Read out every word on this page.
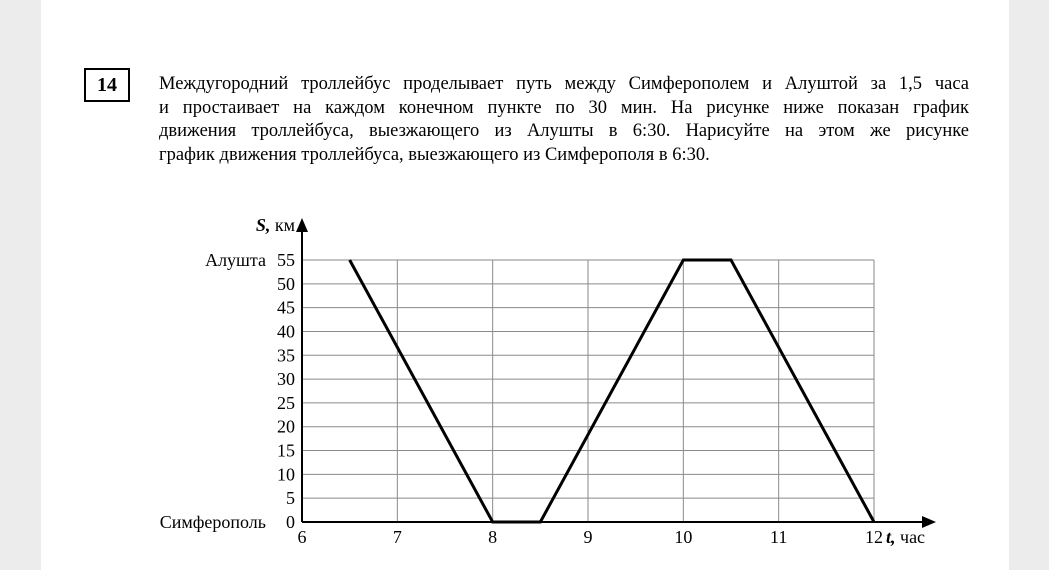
14	Междугородний троллейбус проделывает путь между Симферополем и Алуштой за 1,5 часа
и простаивает на каждом конечном пункте по 30 мин. На рисунке ниже показан график
движения троллейбуса, выезжающего из Алушты в 6:30. Нарисуйте на этом же рисунке
график движения троллейбуса, выезжающего из Симферополя в 6:30.
0
5
10
15
20
25
30
35
40
45
50
55
Алушта
Симферополь
6	7	8	9	10	11	12
S, км
t, час
